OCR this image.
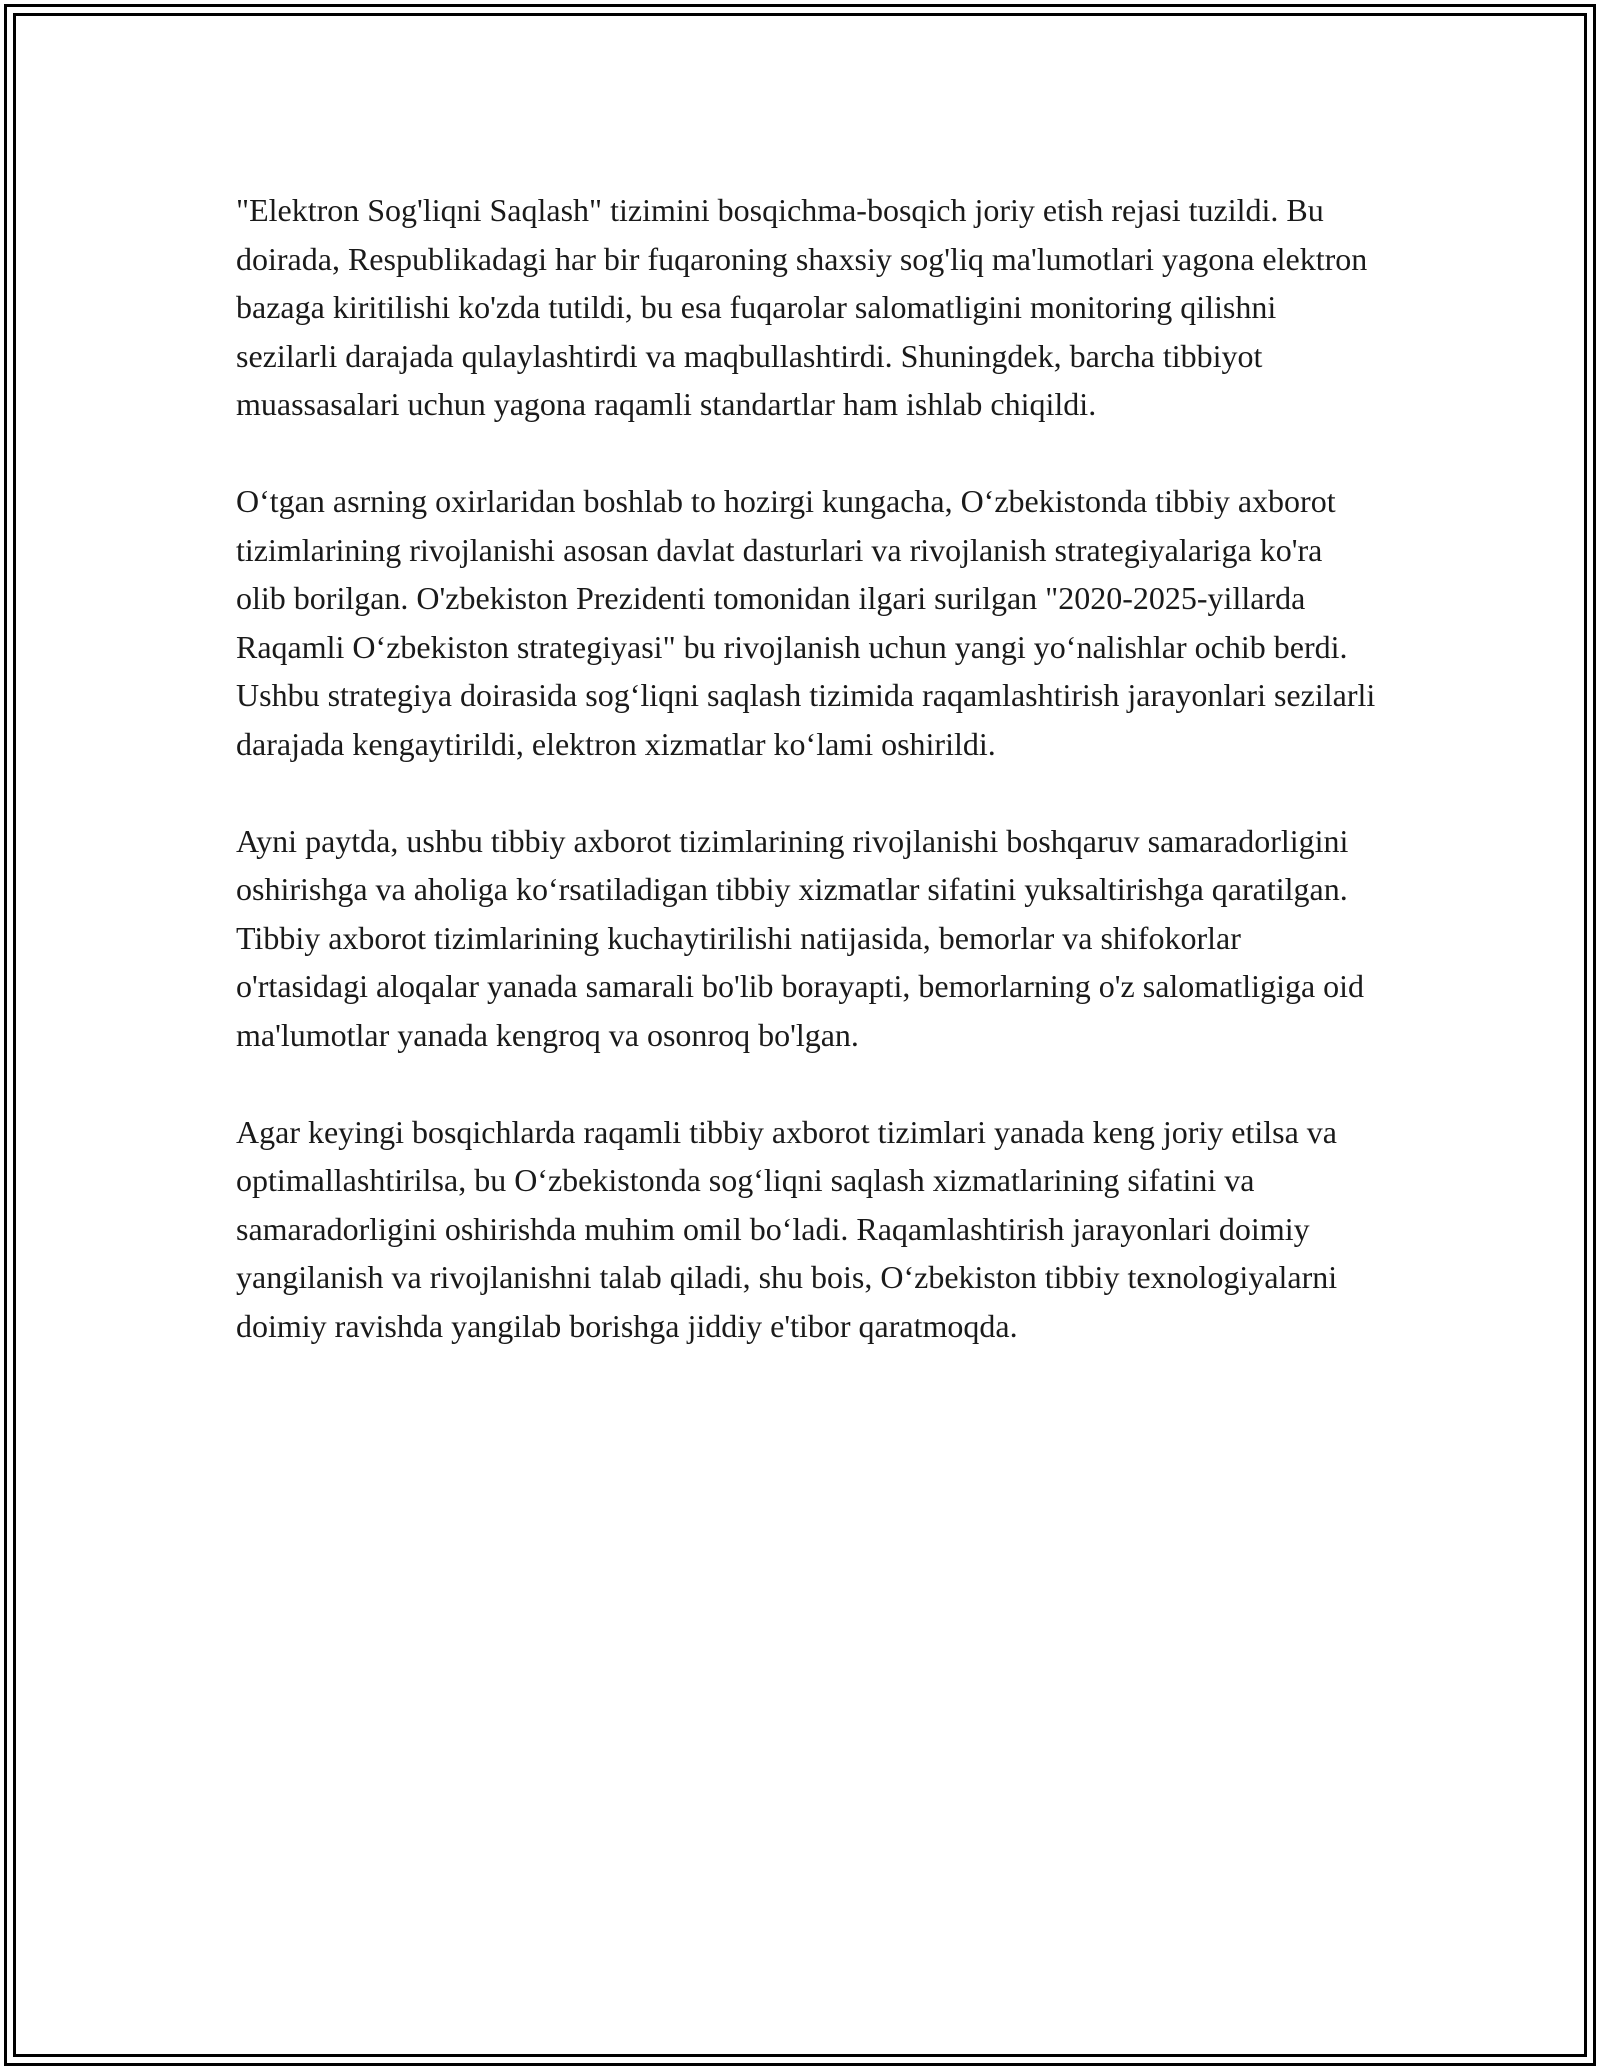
"Elektron Sog'liqni Saqlash" tizimini bosqichma-bosqich joriy etish rejasi tuzildi. Bu doirada, Respublikadagi har bir fuqaroning shaxsiy sog'liq ma'lumotlari yagona elektron bazaga kiritilishi ko'zda tutildi, bu esa fuqarolar salomatligini monitoring qilishni sezilarli darajada qulaylashtirdi va maqbullashtirdi. Shuningdek, barcha tibbiyot muassasalari uchun yagona raqamli standartlar ham ishlab chiqildi.

O‘tgan asrning oxirlaridan boshlab to hozirgi kungacha, O‘zbekistonda tibbiy axborot tizimlarining rivojlanishi asosan davlat dasturlari va rivojlanish strategiyalariga ko'ra olib borilgan. O'zbekiston Prezidenti tomonidan ilgari surilgan "2020-2025-yillarda Raqamli O‘zbekiston strategiyasi" bu rivojlanish uchun yangi yo‘nalishlar ochib berdi. Ushbu strategiya doirasida sog‘liqni saqlash tizimida raqamlashtirish jarayonlari sezilarli darajada kengaytirildi, elektron xizmatlar ko‘lami oshirildi.

Ayni paytda, ushbu tibbiy axborot tizimlarining rivojlanishi boshqaruv samaradorligini oshirishga va aholiga ko‘rsatiladigan tibbiy xizmatlar sifatini yuksaltirishga qaratilgan. Tibbiy axborot tizimlarining kuchaytirilishi natijasida, bemorlar va shifokorlar o'rtasidagi aloqalar yanada samarali bo'lib borayapti, bemorlarning o'z salomatligiga oid ma'lumotlar yanada kengroq va osonroq bo'lgan.

Agar keyingi bosqichlarda raqamli tibbiy axborot tizimlari yanada keng joriy etilsa va optimallashtirilsa, bu O‘zbekistonda sog‘liqni saqlash xizmatlarining sifatini va samaradorligini oshirishda muhim omil bo‘ladi. Raqamlashtirish jarayonlari doimiy yangilanish va rivojlanishni talab qiladi, shu bois, O‘zbekiston tibbiy texnologiyalarni doimiy ravishda yangilab borishga jiddiy e'tibor qaratmoqda.
